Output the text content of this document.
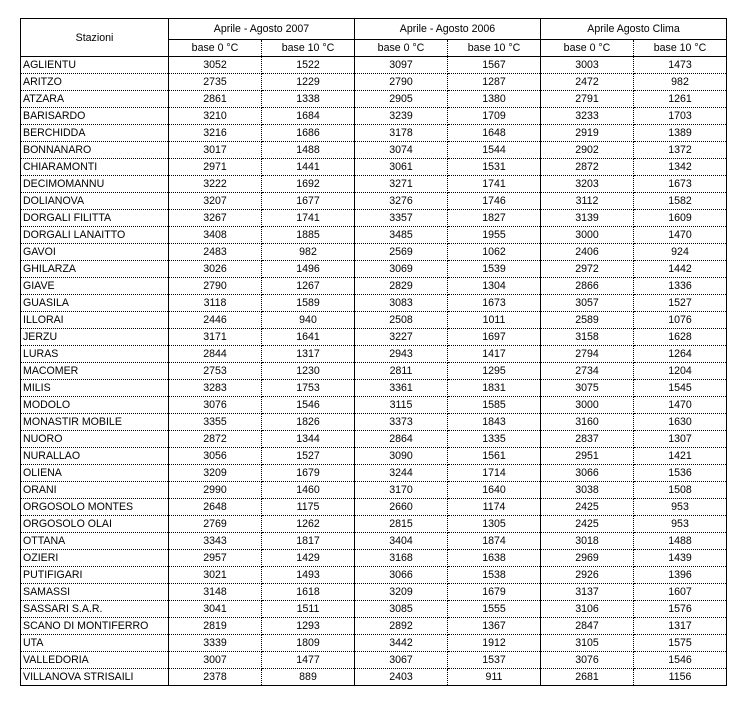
Stazioni	Aprile - Agosto 2007		Aprile - Agosto 2006		Aprile Agosto Clima	
	base 0 °C	base 10 °C	base 0 °C	base 10 °C	base 0 °C	base 10 °C
AGLIENTU	3052	1522	3097	1567	3003	1473
ARITZO	2735	1229	2790	1287	2472	982
ATZARA	2861	1338	2905	1380	2791	1261
BARISARDO	3210	1684	3239	1709	3233	1703
BERCHIDDA	3216	1686	3178	1648	2919	1389
BONNANARO	3017	1488	3074	1544	2902	1372
CHIARAMONTI	2971	1441	3061	1531	2872	1342
DECIMOMANNU	3222	1692	3271	1741	3203	1673
DOLIANOVA	3207	1677	3276	1746	3112	1582
DORGALI FILITTA	3267	1741	3357	1827	3139	1609
DORGALI LANAITTO	3408	1885	3485	1955	3000	1470
GAVOI	2483	982	2569	1062	2406	924
GHILARZA	3026	1496	3069	1539	2972	1442
GIAVE	2790	1267	2829	1304	2866	1336
GUASILA	3118	1589	3083	1673	3057	1527
ILLORAI	2446	940	2508	1011	2589	1076
JERZU	3171	1641	3227	1697	3158	1628
LURAS	2844	1317	2943	1417	2794	1264
MACOMER	2753	1230	2811	1295	2734	1204
MILIS	3283	1753	3361	1831	3075	1545
MODOLO	3076	1546	3115	1585	3000	1470
MONASTIR MOBILE	3355	1826	3373	1843	3160	1630
NUORO	2872	1344	2864	1335	2837	1307
NURALLAO	3056	1527	3090	1561	2951	1421
OLIENA	3209	1679	3244	1714	3066	1536
ORANI	2990	1460	3170	1640	3038	1508
ORGOSOLO MONTES	2648	1175	2660	1174	2425	953
ORGOSOLO OLAI	2769	1262	2815	1305	2425	953
OTTANA	3343	1817	3404	1874	3018	1488
OZIERI	2957	1429	3168	1638	2969	1439
PUTIFIGARI	3021	1493	3066	1538	2926	1396
SAMASSI	3148	1618	3209	1679	3137	1607
SASSARI S.A.R.	3041	1511	3085	1555	3106	1576
SCANO DI MONTIFERRO	2819	1293	2892	1367	2847	1317
UTA	3339	1809	3442	1912	3105	1575
VALLEDORIA	3007	1477	3067	1537	3076	1546
VILLANOVA STRISAILI	2378	889	2403	911	2681	1156
